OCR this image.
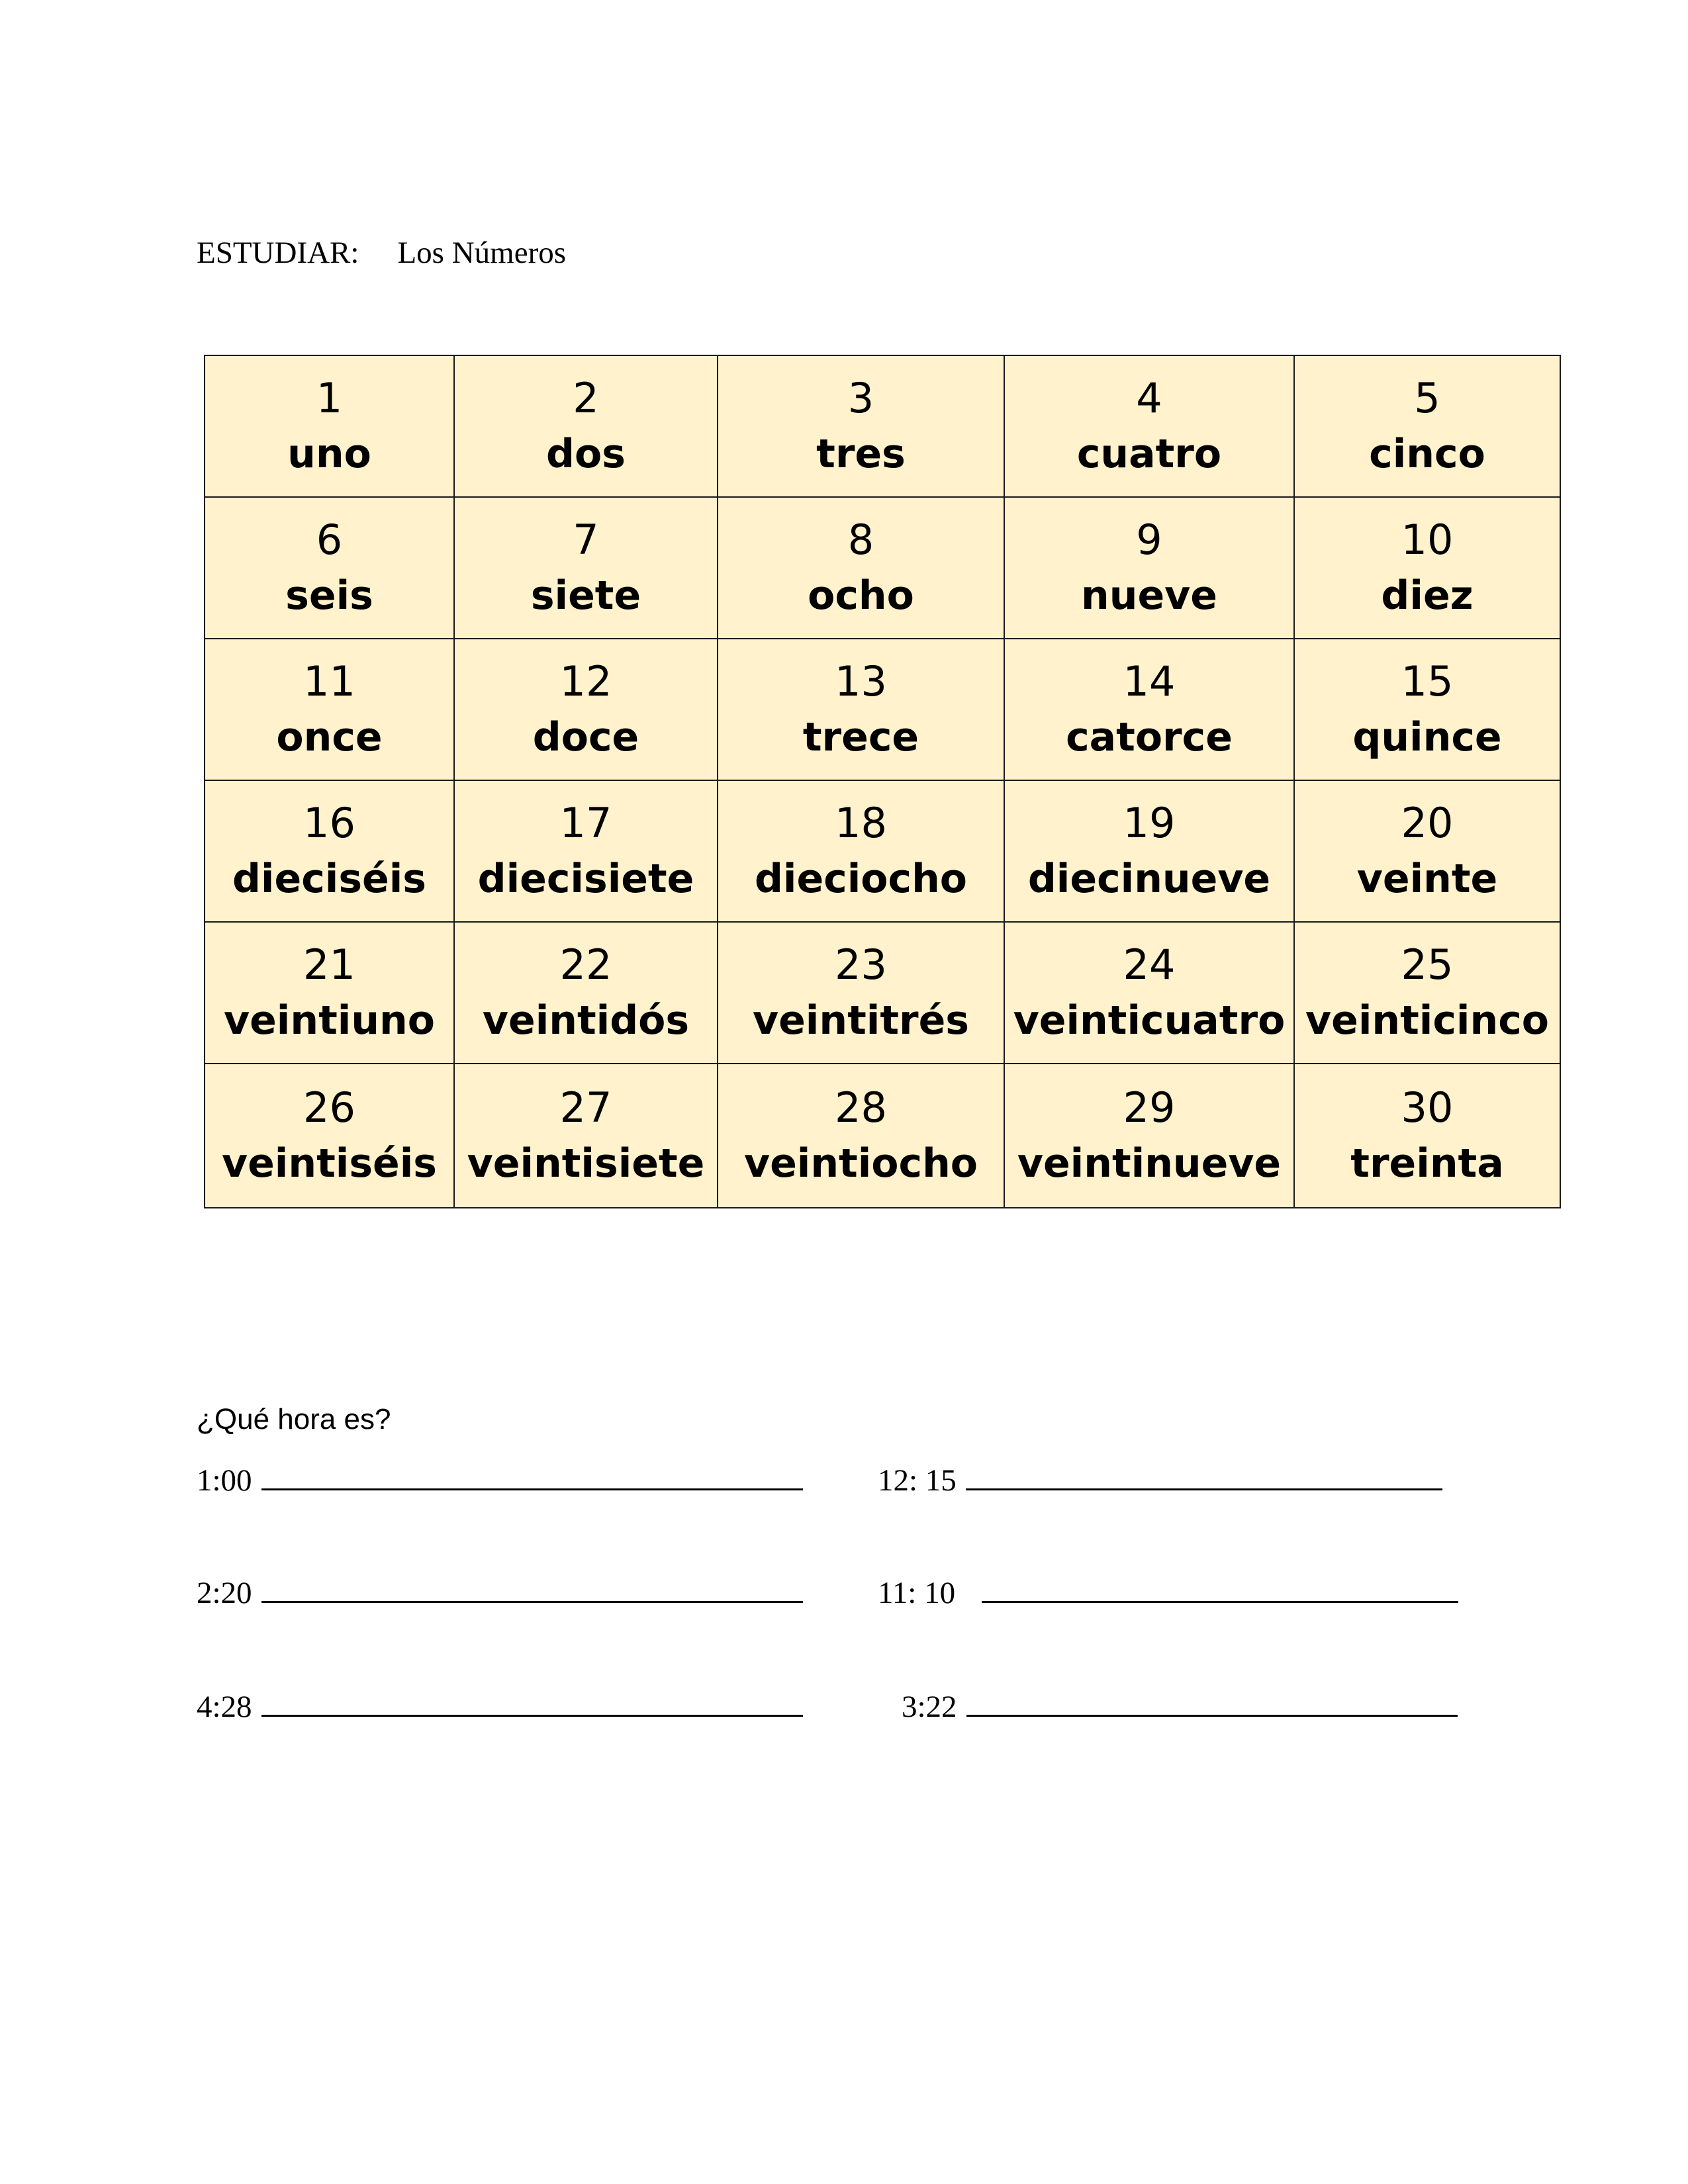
ESTUDIAR: Los Números
1
uno	2
dos	3
tres	4
cuatro	5
cinco

6
seis	7
siete	8
ocho	9
nueve	10
diez

11
once	12
doce	13
trece	14
catorce	15
quince

16
dieciséis	17
diecisiete	18
dieciocho	19
diecinueve	20
veinte

21
veintiuno	22
veintidós	23
veintitrés	24
veinticuatro	25
veinticinco

26
veintiséis	27
veintisiete	28
veintiocho	29
veintinueve	30
treinta
¿Qué hora es?
1:00	12: 15
2:20	11: 10
4:28	3:22
